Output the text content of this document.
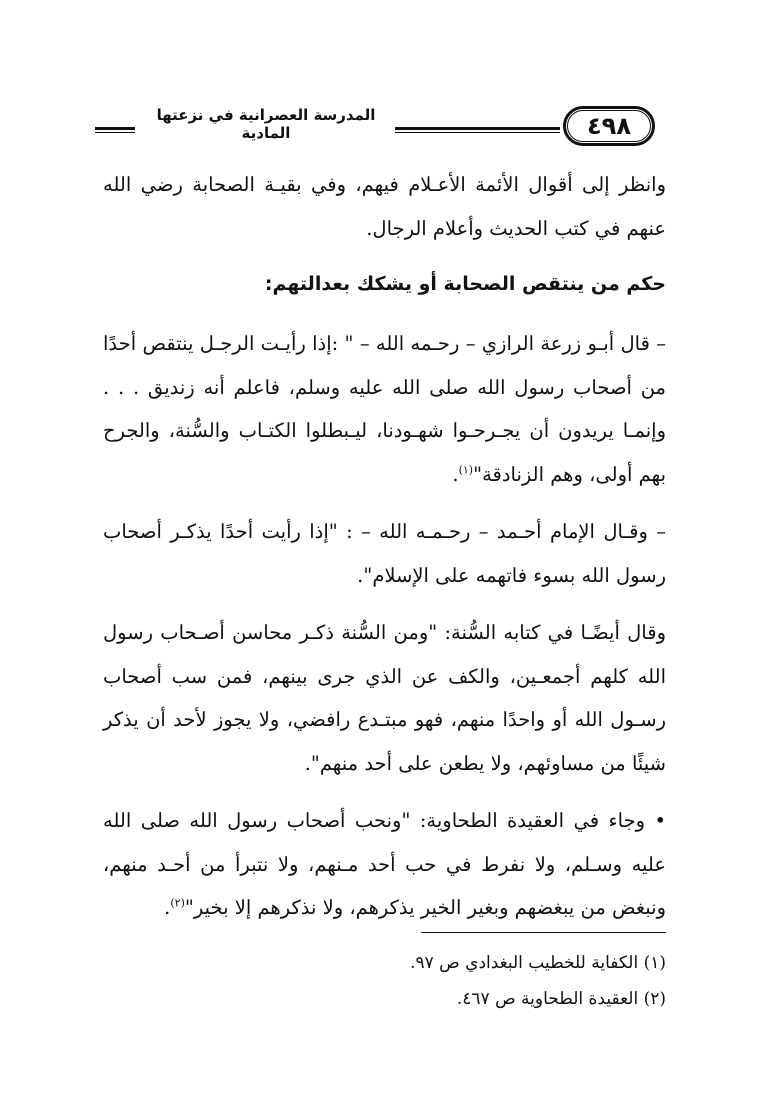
المدرسة العصرانية في نزعتها المادية	٤٩٨

وانظر إلى أقوال الأئمة الأعـلام فيهم، وفي بقيـة الصحابة رضي الله عنهم في كتب الحديث وأعلام الرجال.

حكم من ينتقص الصحابة أو يشكك بعدالتهم:

– قال أبـو زرعة الرازي – رحـمه الله – " :إذا رأيـت الرجـل ينتقص أحدًا من أصحاب رسول الله صلى الله عليه وسلم، فاعلم أنه زنديق . . . وإنمـا يريدون أن يجـرحـوا شهـودنا، ليـبطلوا الكتـاب والسُّنة، والجرح بهم أولى، وهم الزنادقة"$^{(١)}$.

– وقـال الإمام أحـمد – رحـمـه الله – : "إذا رأيت أحدًا يذكـر أصحاب رسول الله بسوء فاتهمه على الإسلام".

وقال أيضًـا في كتابه السُّنة: "ومن السُّنة ذكـر محاسن أصـحاب رسول الله كلهم أجمعـين، والكف عن الذي جرى بينهم، فمن سب أصحاب رسـول الله أو واحدًا منهم، فهو مبتـدع رافضي، ولا يجوز لأحد أن يذكر شيئًا من مساوئهم، ولا يطعن على أحد منهم".

• وجاء في العقيدة الطحاوية: "ونحب أصحاب رسول الله صلى الله عليه وسـلم، ولا نفرط في حب أحد مـنهم، ولا نتبرأ من أحـد منهم، ونبغض من يبغضهم وبغير الخير يذكرهم، ولا نذكرهم إلا بخير"$^{(٢)}$.

(١) الكفاية للخطيب البغدادي ص ٩٧.
(٢) العقيدة الطحاوية ص ٤٦٧.
